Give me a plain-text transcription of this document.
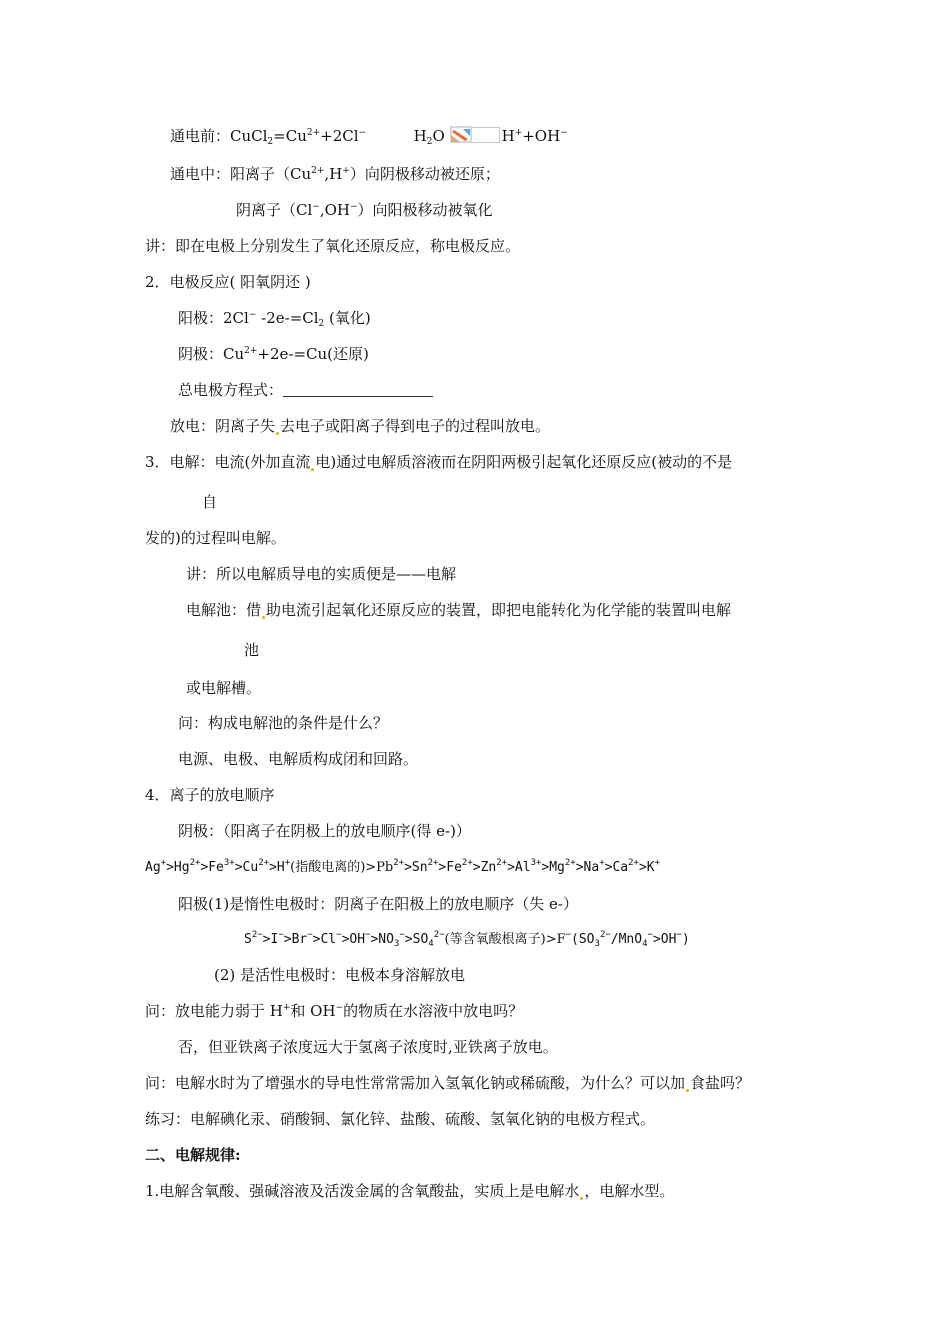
通电前：$CuCl_2=Cu^{2+}+2Cl^-$	$H_2O$	H++OH−
通电中：阳离子$(Cu^{2+},H^+)$向阴极移动被还原；
阴离子（Cl−,OH−）向阳极移动被氧化
讲：即在电极上分别发生了氧化还原反应，称电极反应。
2．电极反应( 阳氧阴还 )
阳极：2Cl− $-2e-=Cl_2$ (氧化)
阴极：$Cu^{2+}+2e-=Cu$(还原)
总电极方程式：
放电：阴离子失 去电子或阳离子得到电子的过程叫放电。
3．电解：电流(外加直流 电)通过电解质溶液而在阴阳两极引起氧化还原反应(被动的不是
自
发的)的过程叫电解。
讲：所以电解质导电的实质便是——电解
电解池：借 助电流引起氧化还原反应的装置，即把电能转化为化学能的装置叫电解
池
或电解槽。
问：构成电解池的条件是什么？
电源、电极、电解质构成闭和回路。
4．离子的放电顺序
阴极：（阳离子在阴极上的放电顺序(得 e-)）
$Ag^+>Hg^{2+}>Fe^{3+}>Cu^{2+}>H^+$(指酸电离的)$>Pb^{2+}>Sn^{2+}>Fe^{2+}>Zn^{2+}>Al^{3+}>Mg^{2+}>Na^+>Ca^{2+}>K^+$
阳极(1)是惰性电极时：阴离子在阳极上的放电顺序（失 e-）
$S^{2-}>I^->Br^->Cl^->OH^->NO_3^->SO_4^{2-}$(等含氧酸根离子)$>F^-(SO_3^{2-}/MnO_4^->OH^-)$
(2) 是活性电极时：电极本身溶解放电
问：放电能力弱于 H+和 OH−的物质在水溶液中放电吗？
否，但亚铁离子浓度远大于氢离子浓度时,亚铁离子放电。
问：电解水时为了增强水的导电性常常需加入氢氧化钠或稀硫酸，为什么？可以加 食盐吗？
练习：电解碘化汞、硝酸铜、氯化锌、盐酸、硫酸、氢氧化钠的电极方程式。
二、电解规律:
1.电解含氧酸、强碱溶液及活泼金属的含氧酸盐，实质上是电解水 ，电解水型。
